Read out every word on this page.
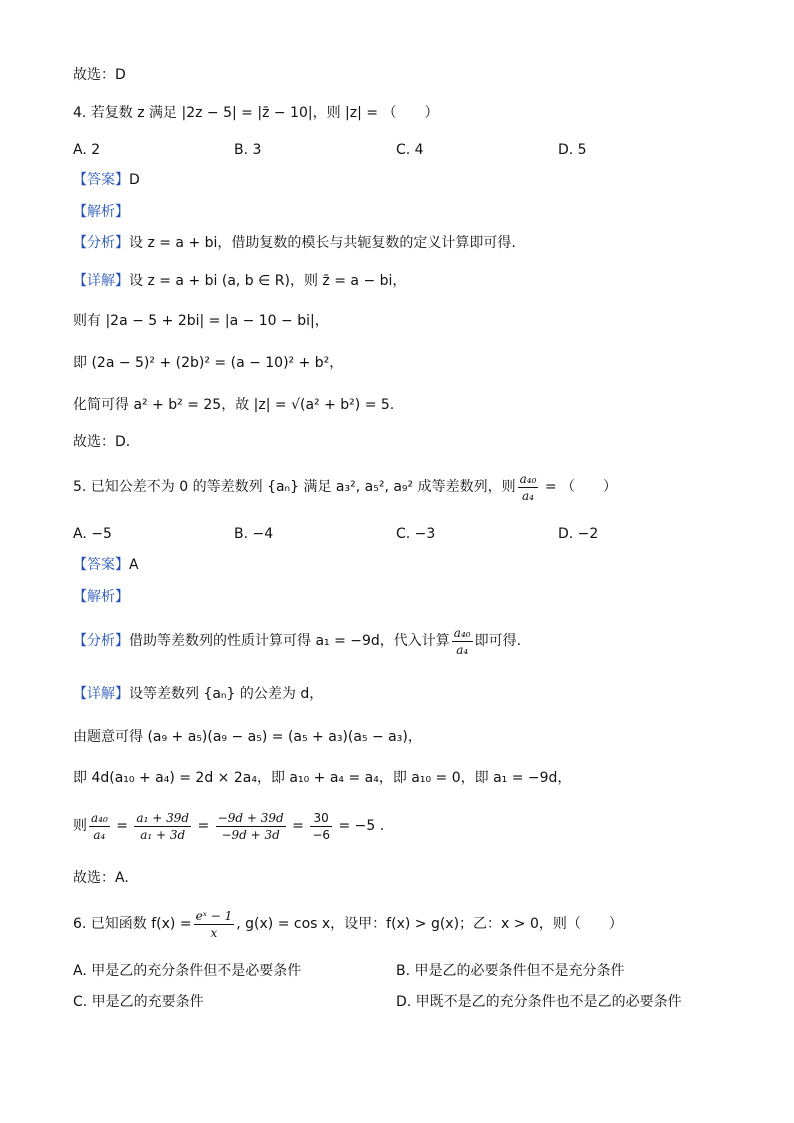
故选：D
4. 若复数 z 满足 |2z − 5| = |z̄ − 10|，则 |z| = （　　）
A. 2	B. 3	C. 4	D. 5
【答案】D
【解析】
【分析】设 z = a + bi，借助复数的模长与共轭复数的定义计算即可得.
【详解】设 z = a + bi (a, b ∈ R)，则 z̄ = a − bi，
则有 |2a − 5 + 2bi| = |a − 10 − bi|，
即 (2a − 5)² + (2b)² = (a − 10)² + b²，
化简可得 a² + b² = 25，故 |z| = √(a² + b²) = 5.
故选：D.
5. 已知公差不为 0 的等差数列 {aₙ} 满足 a₃², a₅², a₉² 成等差数列，则 $\frac{\text{a₄₀}}{\text{a₄}}$ = （　　）
A. −5	B. −4	C. −3	D. −2
【答案】A
【解析】
【分析】借助等差数列的性质计算可得 a₁ = −9d，代入计算 $\frac{\text{a₄₀}}{\text{a₄}}$ 即可得.
【详解】设等差数列 {aₙ} 的公差为 d，
由题意可得 (a₉ + a₅)(a₉ − a₅) = (a₅ + a₃)(a₅ − a₃)，
即 4d(a₁₀ + a₄) = 2d × 2a₄，即 a₁₀ + a₄ = a₄，即 a₁₀ = 0，即 a₁ = −9d，
则 $\frac{\text{a₄₀}}{\text{a₄}} = \frac{\text{a₁ + 39d}}{\text{a₁ + 3d}} = \frac{-9d + 39d}{-9d + 3d} = \frac{30}{-6} = -5$ .
故选：A.
6. 已知函数 $f(x) = \frac{\text{eˣ − 1}}{x}$ , g(x) = cos x，设甲：f(x) > g(x)；乙：x > 0，则（　　）
A. 甲是乙的充分条件但不是必要条件	B. 甲是乙的必要条件但不是充分条件
C. 甲是乙的充要条件	D. 甲既不是乙的充分条件也不是乙的必要条件
